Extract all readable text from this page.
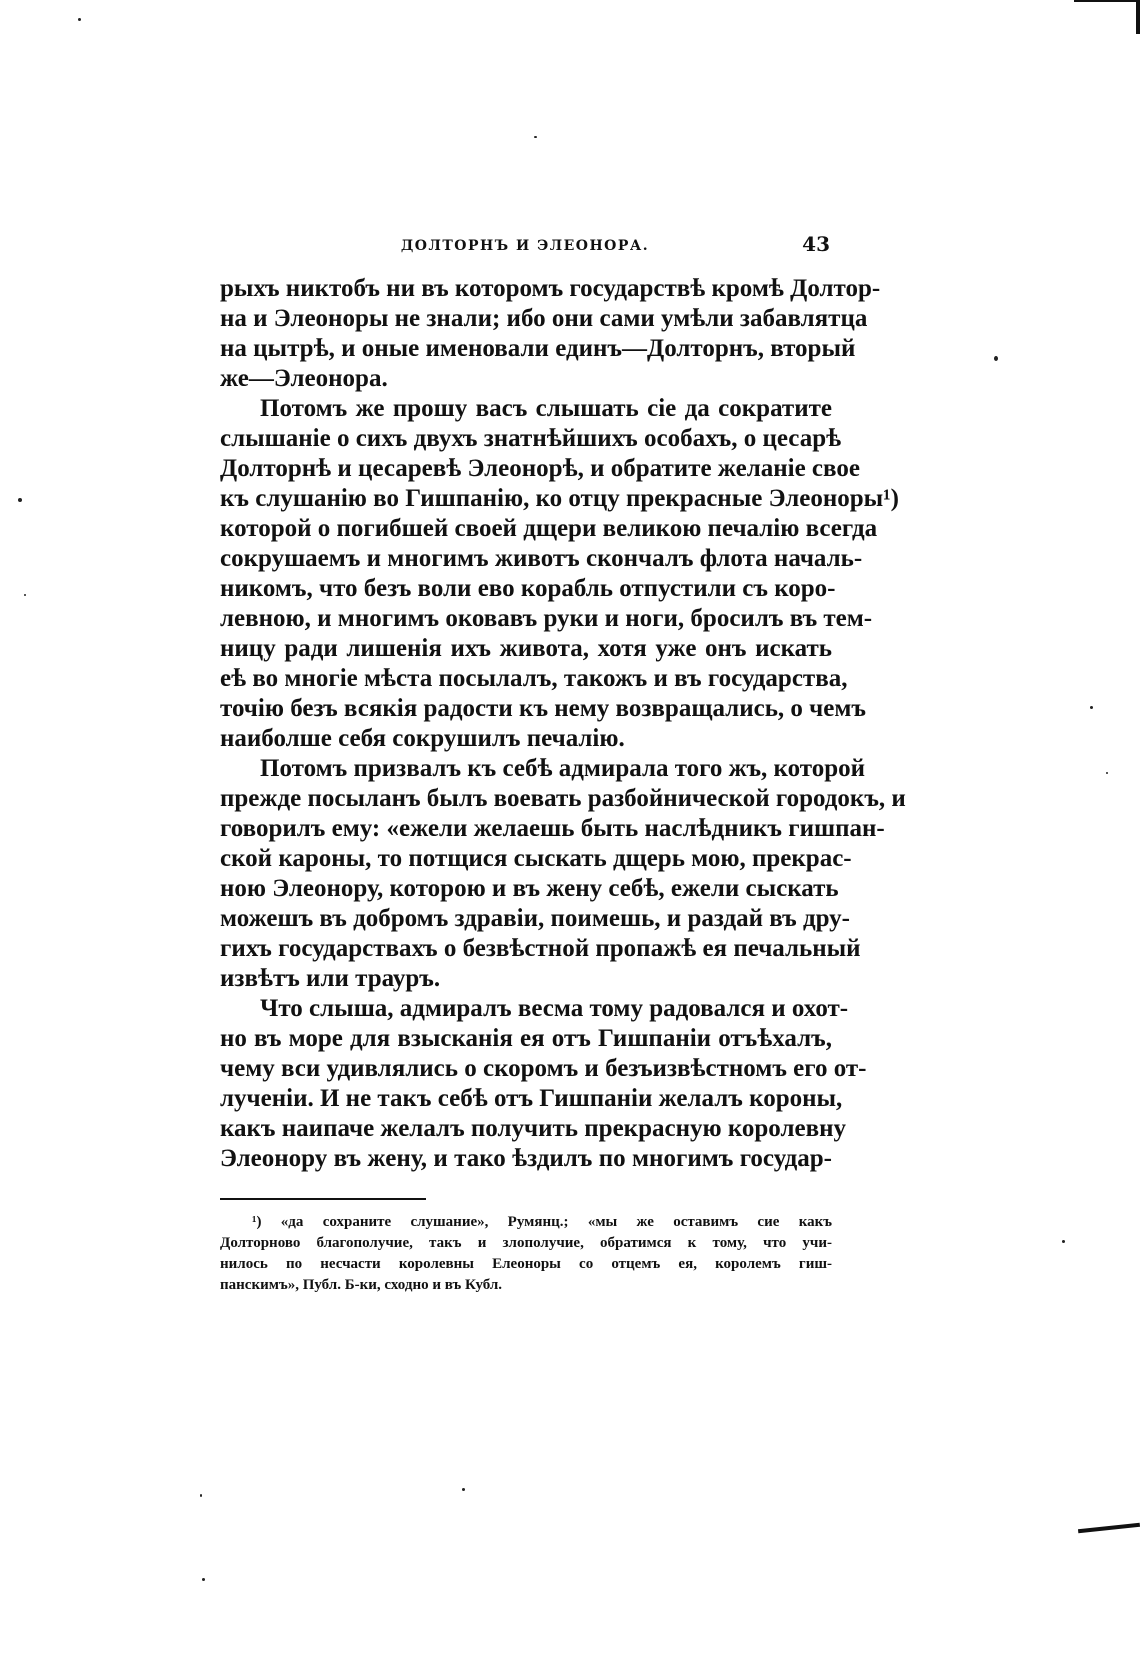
ДОЛТОРНЪ И ЭЛЕОНОРА.	43

рыхъ никтобъ ни въ которомъ государствѣ кромѣ Долтор-

на и Элеоноры не знали; ибо они сами умѣли забавлятца

на цытрѣ, и оные именовали единъ—Долторнъ, вторый

же—Элеонора.

Потомъ же прошу васъ слышать сіе да сократите

слышаніе о сихъ двухъ знатнѣйшихъ особахъ, о цесарѣ

Долторнѣ и цесаревѣ Элеонорѣ, и обратите желаніе свое

къ слушанію во Гишпанію, ко отцу прекрасные Элеоноры¹)

которой о погибшей своей дщери великою печалію всегда

сокрушаемъ и многимъ животъ скончалъ флота началь-

никомъ, что безъ воли ево корабль отпустили съ коро-

левною, и многимъ оковавъ руки и ноги, бросилъ въ тем-

ницу ради лишенія ихъ живота, хотя уже онъ искать

еѣ во многіе мѣста посылалъ, такожъ и въ государства,

точію безъ всякія радости къ нему возвращались, о чемъ

наиболше себя сокрушилъ печалію.

Потомъ призвалъ къ себѣ адмирала того жъ, которой

прежде посыланъ былъ воевать разбойнической городокъ, и

говорилъ ему: «ежели желаешь быть наслѣдникъ гишпан-

ской кароны, то потщися сыскать дщерь мою, прекрас-

ною Элеонору, которою и въ жену себѣ, ежели сыскать

можешъ въ добромъ здравіи, поимешь, и раздай въ дру-

гихъ государствахъ о безвѣстной пропажѣ ея печальный

извѣтъ или трауръ.

Что слыша, адмиралъ весма тому радовался и охот-

но въ море для взысканія ея отъ Гишпаніи отъѣхалъ,

чему вси удивлялись о скоромъ и безъизвѣстномъ его от-

лученіи. И не такъ себѣ отъ Гишпаніи желалъ короны,

какъ наипаче желалъ получить прекрасную королевну

Элеонору въ жену, и тако ѣздилъ по многимъ государ-

¹) «да сохраните слушание», Румянц.; «мы же оставимъ сие какъ

Долторново благополучие, такъ и злополучие, обратимся к тому, что учи-

нилось по несчасти королевны Елеоноры со отцемъ ея, королемъ гиш-

панскимъ», Публ. Б-ки, сходно и въ Кубл.
